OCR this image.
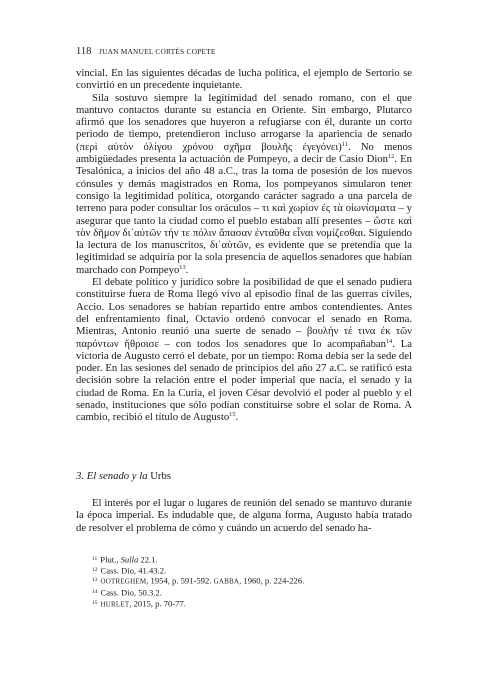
118 JUAN MANUEL CORTÉS COPETE

vincial. En las siguientes décadas de lucha política, el ejemplo de Sertorio se
convirtió en un precedente inquietante.

Sila sostuvo siempre la legitimidad del senado romano, con el que mantuvo contactos durante su estancia en Oriente. Sin embargo, Plutarco afirmó que los senadores que huyeron a refugiarse con él, durante un corto periodo de tiempo, pretendieron incluso arrogarse la apariencia de senado (περὶ αὑτὸν ὀλίγου χρόνου σχῆμα βουλῆς ἐγεγόνει)$^{11}$. No menos ambigüedades presenta la actuación de Pompeyo, a decir de Casio Dion$^{12}$. En Tesalónica, a inicios del año 48 a.C., tras la toma de posesión de los nuevos cónsules y demás magistrados en Roma, los pompeyanos simularon tener consigo la legitimidad política, otorgando carácter sagrado a una parcela de terreno para poder consultar los oráculos – τι καὶ χωρίον ἐς τὰ οἰωνίσματα – y asegurar que tanto la ciudad como el pueblo estaban allí presentes – ὥστε καὶ τὸν δῆμον δι᾽αὐτῶν τήν τε πόλιν ἅπασαν ἐνταῦθα εἶναι νομίζεσθαι. Siguiendo la lectura de los manuscritos, δι᾽αὐτῶν, es evidente que se pretendía que la legitimidad se adquiría por la sola presencia de aquellos senadores que habían marchado con Pompeyo$^{13}$.

El debate político y jurídico sobre la posibilidad de que el senado pudiera constituirse fuera de Roma llegó vivo al episodio final de las guerras civiles, Accio. Los senadores se habían repartido entre ambos contendientes. Antes del enfrentamiento final, Octavio ordenó convocar el senado en Roma. Mientras, Antonio reunió una suerte de senado – βουλήν τέ τινα ἐκ τῶν παρόντων ἤθροισε – con todos los senadores que lo acompañaban$^{14}$. La victoria de Augusto cerró el debate, por un tiempo: Roma debía ser la sede del poder. En las sesiones del senado de principios del año 27 a.C. se ratificó esta decisión sobre la relación entre el poder imperial que nacía, el senado y la ciudad de Roma. En la Curia, el joven César devolvió el poder al pueblo y el senado, instituciones que sólo podían constituirse sobre el solar de Roma. A cambio, recibió el título de Augusto$^{15}$.

3. El senado y la Urbs

El interés por el lugar o lugares de reunión del senado se mantuvo durante la época imperial. Es indudable que, de alguna forma, Augusto había tratado de resolver el problema de cómo y cuándo un acuerdo del senado ha-

$^{11}$ Plut., Sulla 22.1.
$^{12}$ Cass. Dio, 41.43.2.
$^{13}$ OOTREGHEM, 1954, p. 591-592. GABBA, 1960, p. 224-226.
$^{14}$ Cass. Dio, 50.3.2.
$^{15}$ HURLET, 2015, p. 70-77.
